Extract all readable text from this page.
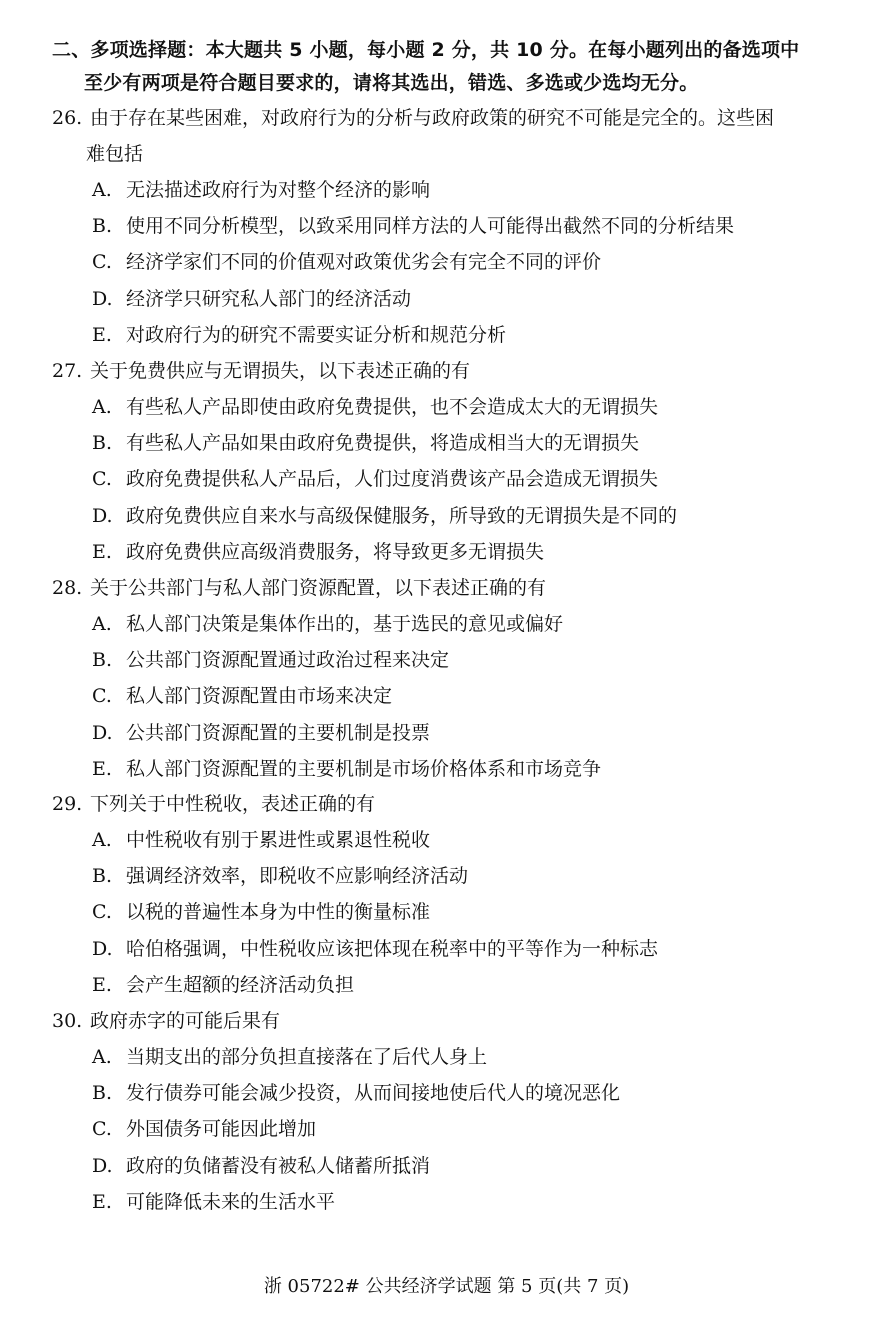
二、多项选择题：本大题共 5 小题，每小题 2 分，共 10 分。在每小题列出的备选项中
至少有两项是符合题目要求的，请将其选出，错选、多选或少选均无分。
26. 由于存在某些困难，对政府行为的分析与政府政策的研究不可能是完全的。这些困
难包括
A. 无法描述政府行为对整个经济的影响
B. 使用不同分析模型，以致采用同样方法的人可能得出截然不同的分析结果
C. 经济学家们不同的价值观对政策优劣会有完全不同的评价
D. 经济学只研究私人部门的经济活动
E. 对政府行为的研究不需要实证分析和规范分析
27. 关于免费供应与无谓损失，以下表述正确的有
A. 有些私人产品即使由政府免费提供，也不会造成太大的无谓损失
B. 有些私人产品如果由政府免费提供，将造成相当大的无谓损失
C. 政府免费提供私人产品后，人们过度消费该产品会造成无谓损失
D. 政府免费供应自来水与高级保健服务，所导致的无谓损失是不同的
E. 政府免费供应高级消费服务，将导致更多无谓损失
28. 关于公共部门与私人部门资源配置，以下表述正确的有
A. 私人部门决策是集体作出的，基于选民的意见或偏好
B. 公共部门资源配置通过政治过程来决定
C. 私人部门资源配置由市场来决定
D. 公共部门资源配置的主要机制是投票
E. 私人部门资源配置的主要机制是市场价格体系和市场竞争
29. 下列关于中性税收，表述正确的有
A. 中性税收有别于累进性或累退性税收
B. 强调经济效率，即税收不应影响经济活动
C. 以税的普遍性本身为中性的衡量标准
D. 哈伯格强调，中性税收应该把体现在税率中的平等作为一种标志
E. 会产生超额的经济活动负担
30. 政府赤字的可能后果有
A. 当期支出的部分负担直接落在了后代人身上
B. 发行债券可能会减少投资，从而间接地使后代人的境况恶化
C. 外国债务可能因此增加
D. 政府的负储蓄没有被私人储蓄所抵消
E. 可能降低未来的生活水平
浙 05722# 公共经济学试题 第 5 页(共 7 页)
